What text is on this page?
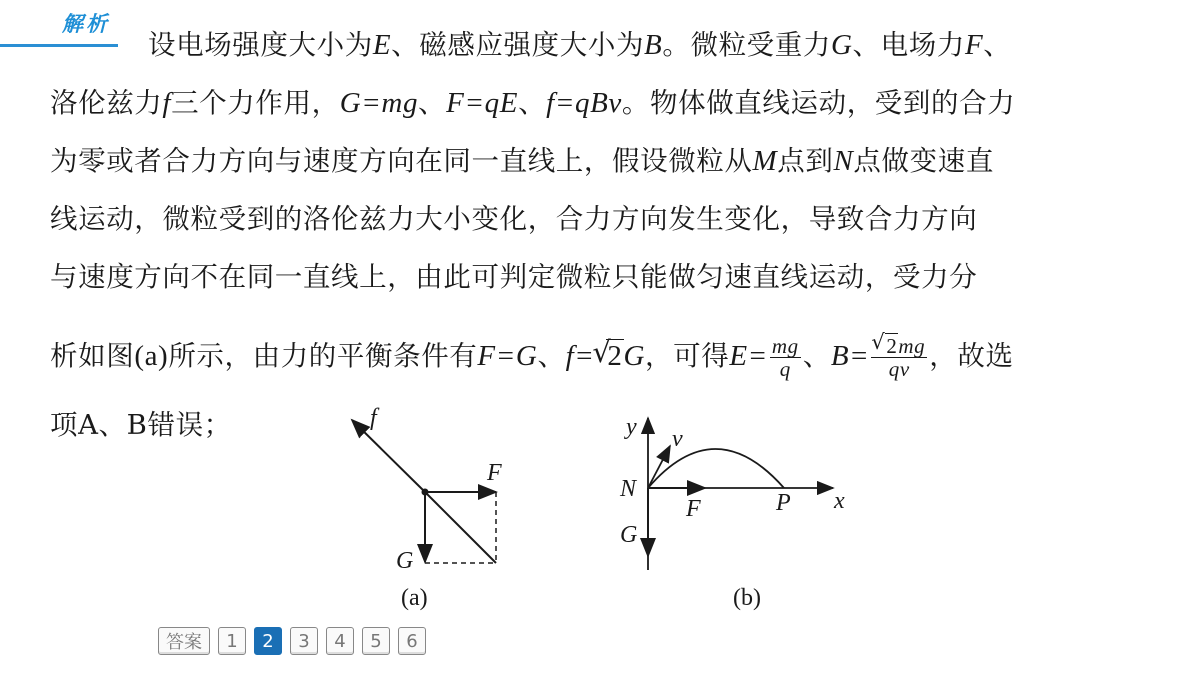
解析
设电场强度大小为E、磁感应强度大小为B。微粒受重力G、电场力F、
洛伦兹力f三个力作用，G=mg、F=qE、f=qBv。物体做直线运动，受到的合力
为零或者合力方向与速度方向在同一直线上，假设微粒从M点到N点做变速直
线运动，微粒受到的洛伦兹力大小变化，合力方向发生变化，导致合力方向
与速度方向不在同一直线上，由此可判定微粒只能做匀速直线运动，受力分
析如图(a)所示，由力的平衡条件有F=G、f= √ 2G，可得$E= \frac{mg}{q}$ 、B= √ $\frac{2mg}{qv}$ ，故选
项A、B错误；	f
F
G
(a)
y v
N
F	P x
G
(b)
答案	1	2	3	4	5	6
